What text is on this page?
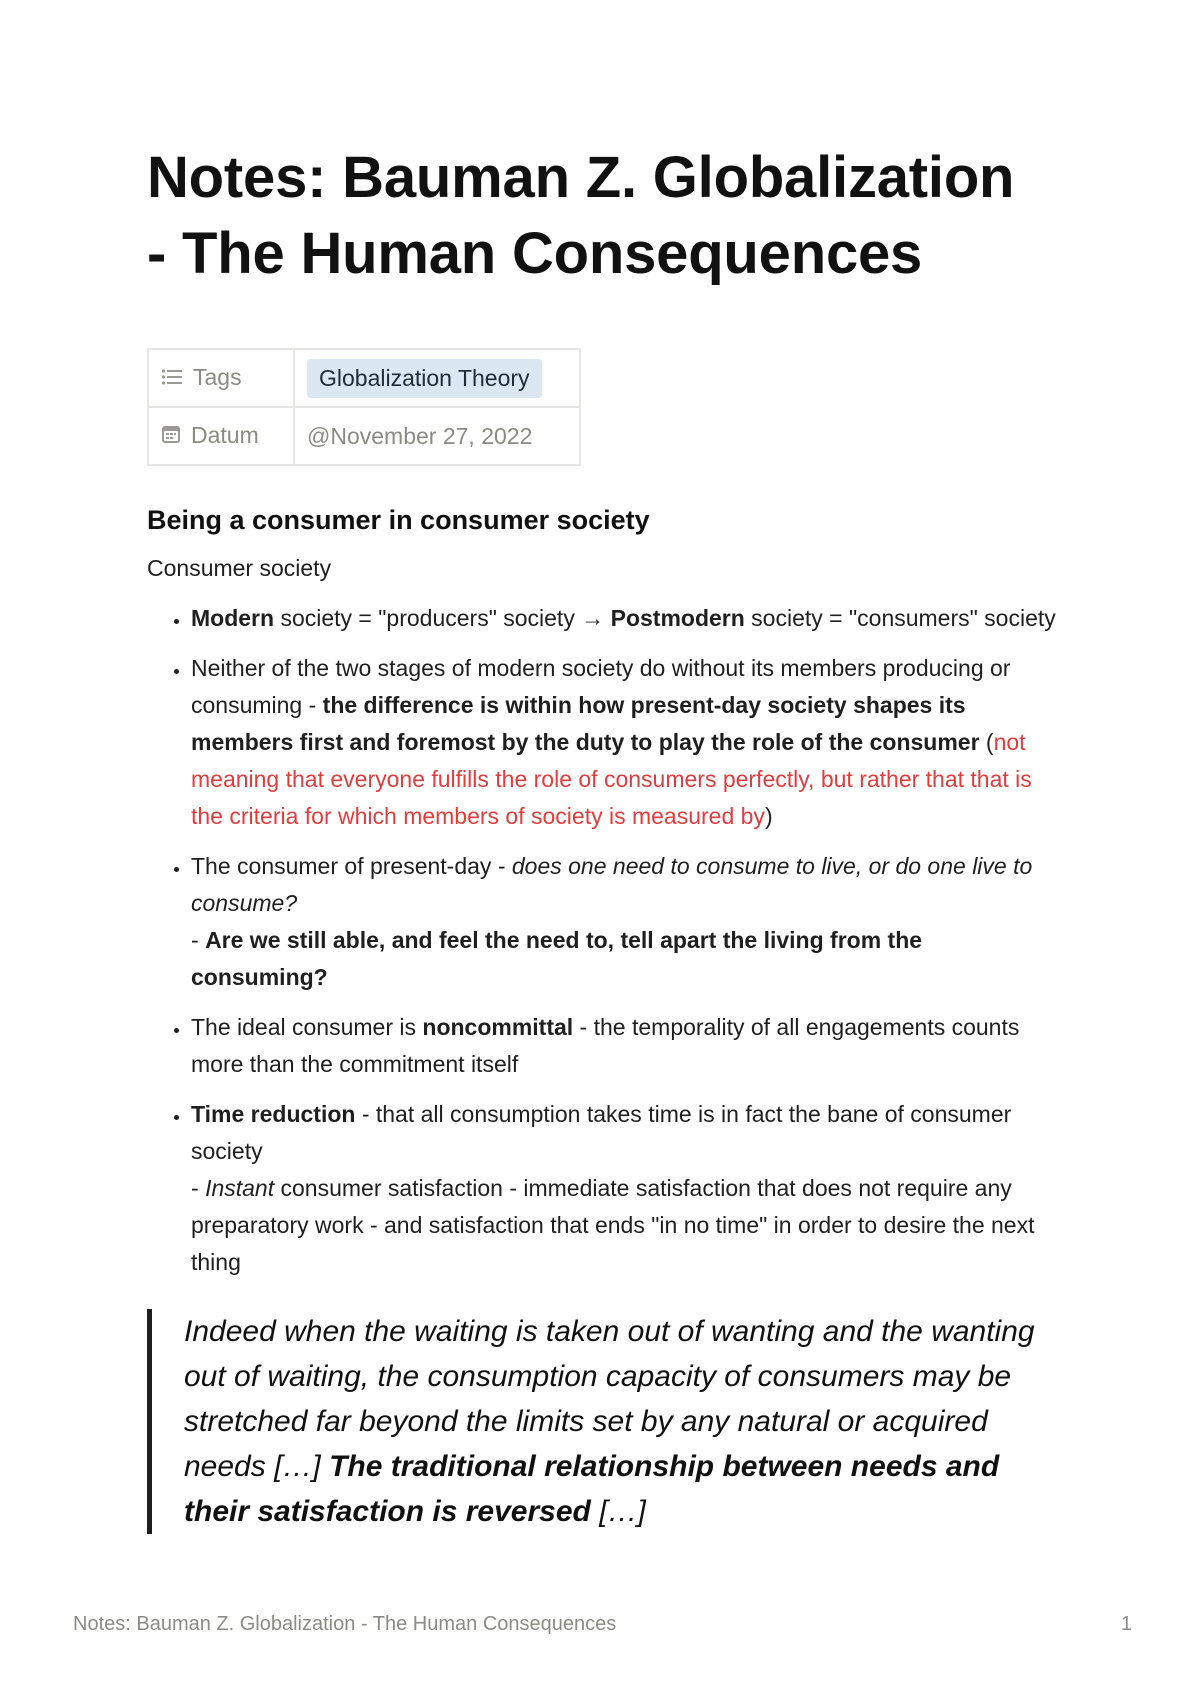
Notes: Bauman Z. Globalization
- The Human Consequences
Tags	Globalization Theory
Datum	@November 27, 2022
Being a consumer in consumer society

Consumer society

• Modern society = "producers" society → Postmodern society = "consumers" society
• Neither of the two stages of modern society do without its members producing or consuming - the difference is within how present-day society shapes its members first and foremost by the duty to play the role of the consumer (not meaning that everyone fulfills the role of consumers perfectly, but rather that that is the criteria for which members of society is measured by)
• The consumer of present-day - does one need to consume to live, or do one live to consume?
- Are we still able, and feel the need to, tell apart the living from the consuming?
• The ideal consumer is noncommittal - the temporality of all engagements counts more than the commitment itself
• Time reduction - that all consumption takes time is in fact the bane of consumer society
- Instant consumer satisfaction - immediate satisfaction that does not require any preparatory work - and satisfaction that ends "in no time" in order to desire the next thing
Indeed when the waiting is taken out of wanting and the wanting out of waiting, the consumption capacity of consumers may be stretched far beyond the limits set by any natural or acquired needs […] The traditional relationship between needs and their satisfaction is reversed […]
Notes: Bauman Z. Globalization - The Human Consequences	1
